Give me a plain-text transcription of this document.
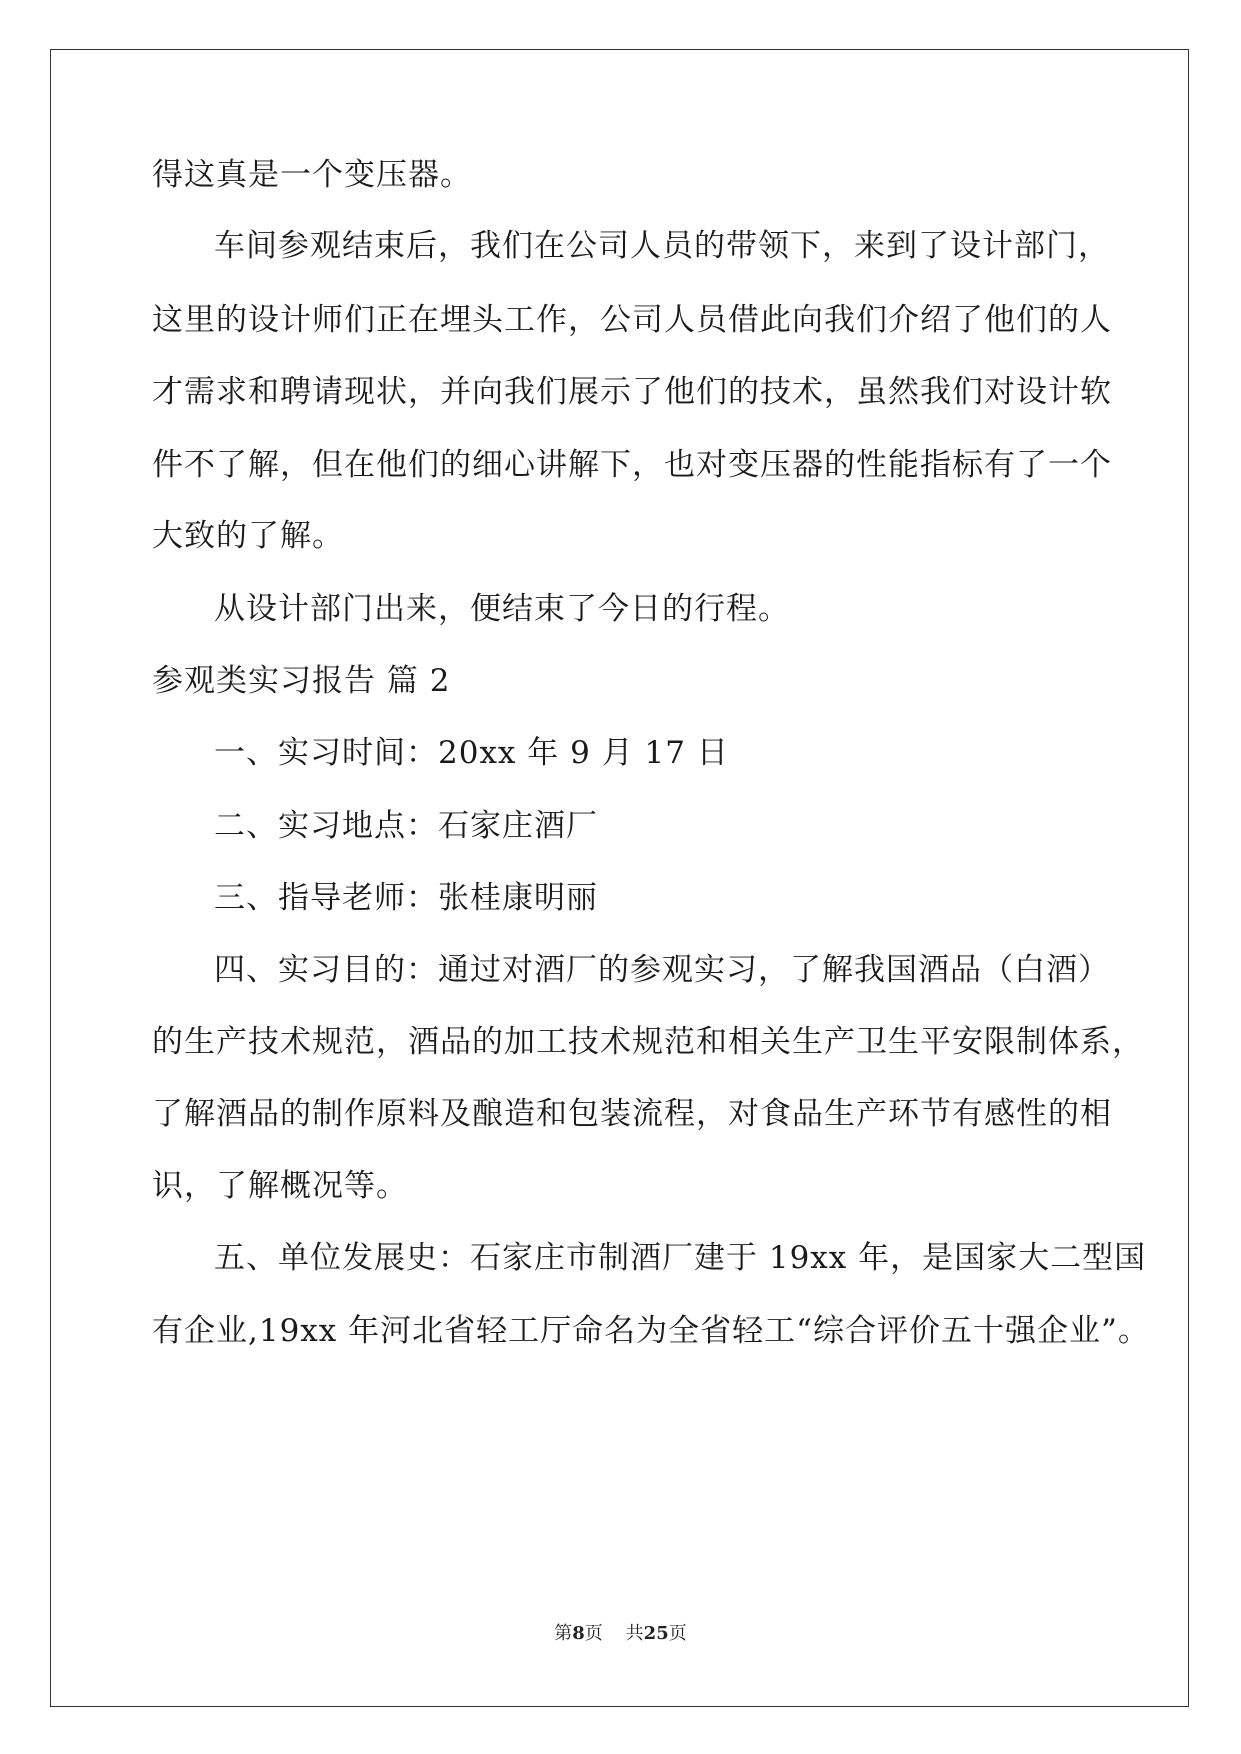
得这真是一个变压器。
车间参观结束后，我们在公司人员的带领下，来到了设计部门，
这里的设计师们正在埋头工作，公司人员借此向我们介绍了他们的人
才需求和聘请现状，并向我们展示了他们的技术，虽然我们对设计软
件不了解，但在他们的细心讲解下，也对变压器的性能指标有了一个
大致的了解。
从设计部门出来，便结束了今日的行程。
参观类实习报告 篇 2
一、实习时间：20xx 年 9 月 17 日
二、实习地点：石家庄酒厂
三、指导老师：张桂康明丽
四、实习目的：通过对酒厂的参观实习，了解我国酒品（白酒）
的生产技术规范，酒品的加工技术规范和相关生产卫生平安限制体系，
了解酒品的制作原料及酿造和包装流程，对食品生产环节有感性的相
识，了解概况等。
五、单位发展史：石家庄市制酒厂建于 19xx 年，是国家大二型国
有企业,19xx 年河北省轻工厅命名为全省轻工“综合评价五十强企业”。
第8页 共25页
